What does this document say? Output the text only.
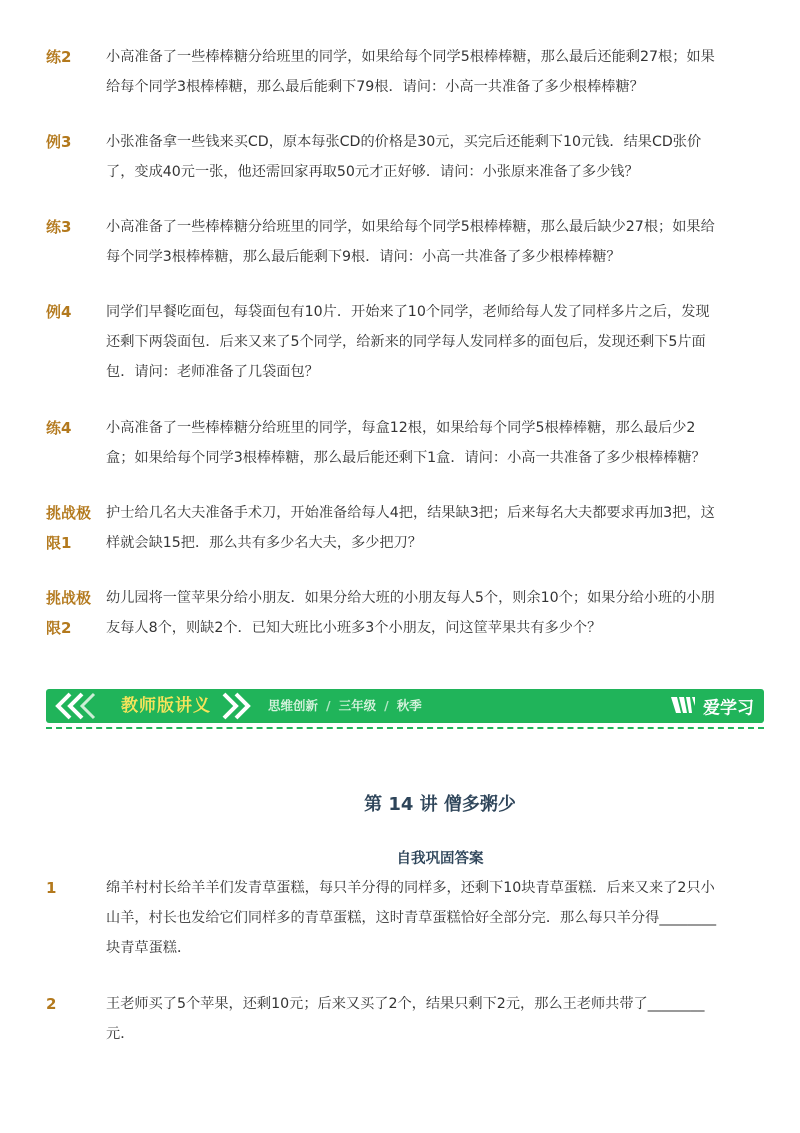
练2	小高准备了一些棒棒糖分给班里的同学，如果给每个同学5根棒棒糖，那么最后还能剩27根；如果
给每个同学3根棒棒糖，那么最后能剩下79根．请问：小高一共准备了多少根棒棒糖？
例3	小张准备拿一些钱来买CD，原本每张CD的价格是30元，买完后还能剩下10元钱．结果CD张价
了，变成40元一张，他还需回家再取50元才正好够．请问：小张原来准备了多少钱？
练3	小高准备了一些棒棒糖分给班里的同学，如果给每个同学5根棒棒糖，那么最后缺少27根；如果给
每个同学3根棒棒糖，那么最后能剩下9根．请问：小高一共准备了多少根棒棒糖？
例4	同学们早餐吃面包，每袋面包有10片．开始来了10个同学，老师给每人发了同样多片之后，发现
还剩下两袋面包．后来又来了5个同学，给新来的同学每人发同样多的面包后，发现还剩下5片面
包．请问：老师准备了几袋面包？
练4	小高准备了一些棒棒糖分给班里的同学，每盒12根，如果给每个同学5根棒棒糖，那么最后少2
盒；如果给每个同学3根棒棒糖，那么最后能还剩下1盒．请问：小高一共准备了多少根棒棒糖？
挑战极限1
护士给几名大夫准备手术刀，开始准备给每人4把，结果缺3把；后来每名大夫都要求再加3把，这
样就会缺15把．那么共有多少名大夫，多少把刀？
挑战极限2
幼儿园将一筐苹果分给小朋友．如果分给大班的小朋友每人5个，则余10个；如果分给小班的小朋
友每人8个，则缺2个．已知大班比小班多3个小朋友，问这筐苹果共有多少个？
教师版讲义	思维创新 / 三年级 / 秋季	爱学习
第 14 讲 僧多粥少
自我巩固答案
1	绵羊村村长给羊羊们发青草蛋糕，每只羊分得的同样多，还剩下10块青草蛋糕．后来又来了2只小
山羊，村长也发给它们同样多的青草蛋糕，这时青草蛋糕恰好全部分完．那么每只羊分得________
块青草蛋糕．
2	王老师买了5个苹果，还剩10元；后来又买了2个，结果只剩下2元，那么王老师共带了________
元．
